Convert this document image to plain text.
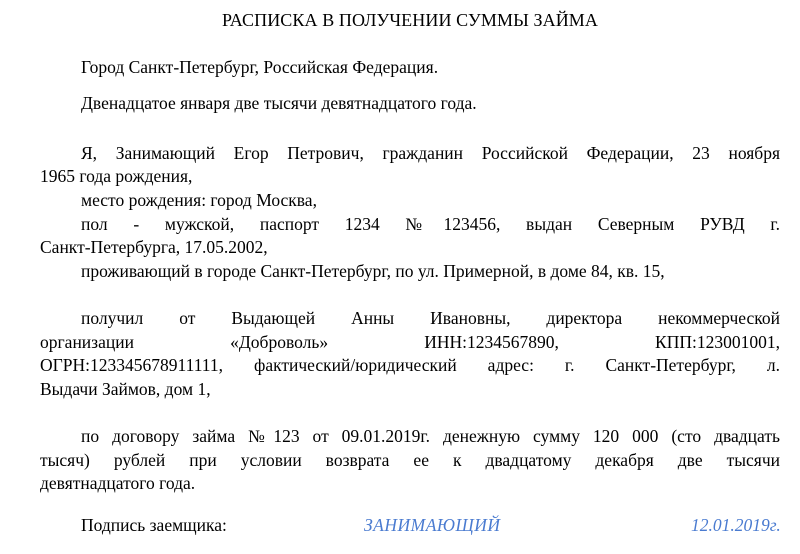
РАСПИСКА В ПОЛУЧЕНИИ СУММЫ ЗАЙМА
Город Санкт-Петербург, Российская Федерация.
Двенадцатое января две тысячи девятнадцатого года.
Я, Занимающий Егор Петрович, гражданин Российской Федерации, 23 ноября
1965 года рождения,
место рождения: город Москва,
пол - мужской, паспорт 1234 №123456, выдан Северным РУВД г.
Санкт-Петербурга, 17.05.2002,
проживающий в городе Санкт-Петербург, по ул. Примерной, в доме 84, кв. 15,
получил от Выдающей Анны Ивановны, директора некоммерческой
организации «Доброволь» ИНН:1234567890, КПП:123001001,
ОГРН:123345678911111, фактический/юридический адрес: г. Санкт-Петербург, л.
Выдачи Займов, дом 1,
по договору займа №123 от 09.01.2019г. денежную сумму 120 000 (сто двадцать
тысяч) рублей при условии возврата ее к двадцатому декабря две тысячи
девятнадцатого года.
Подпись заемщика:	ЗАНИМАЮЩИЙ	12.01.2019г.
